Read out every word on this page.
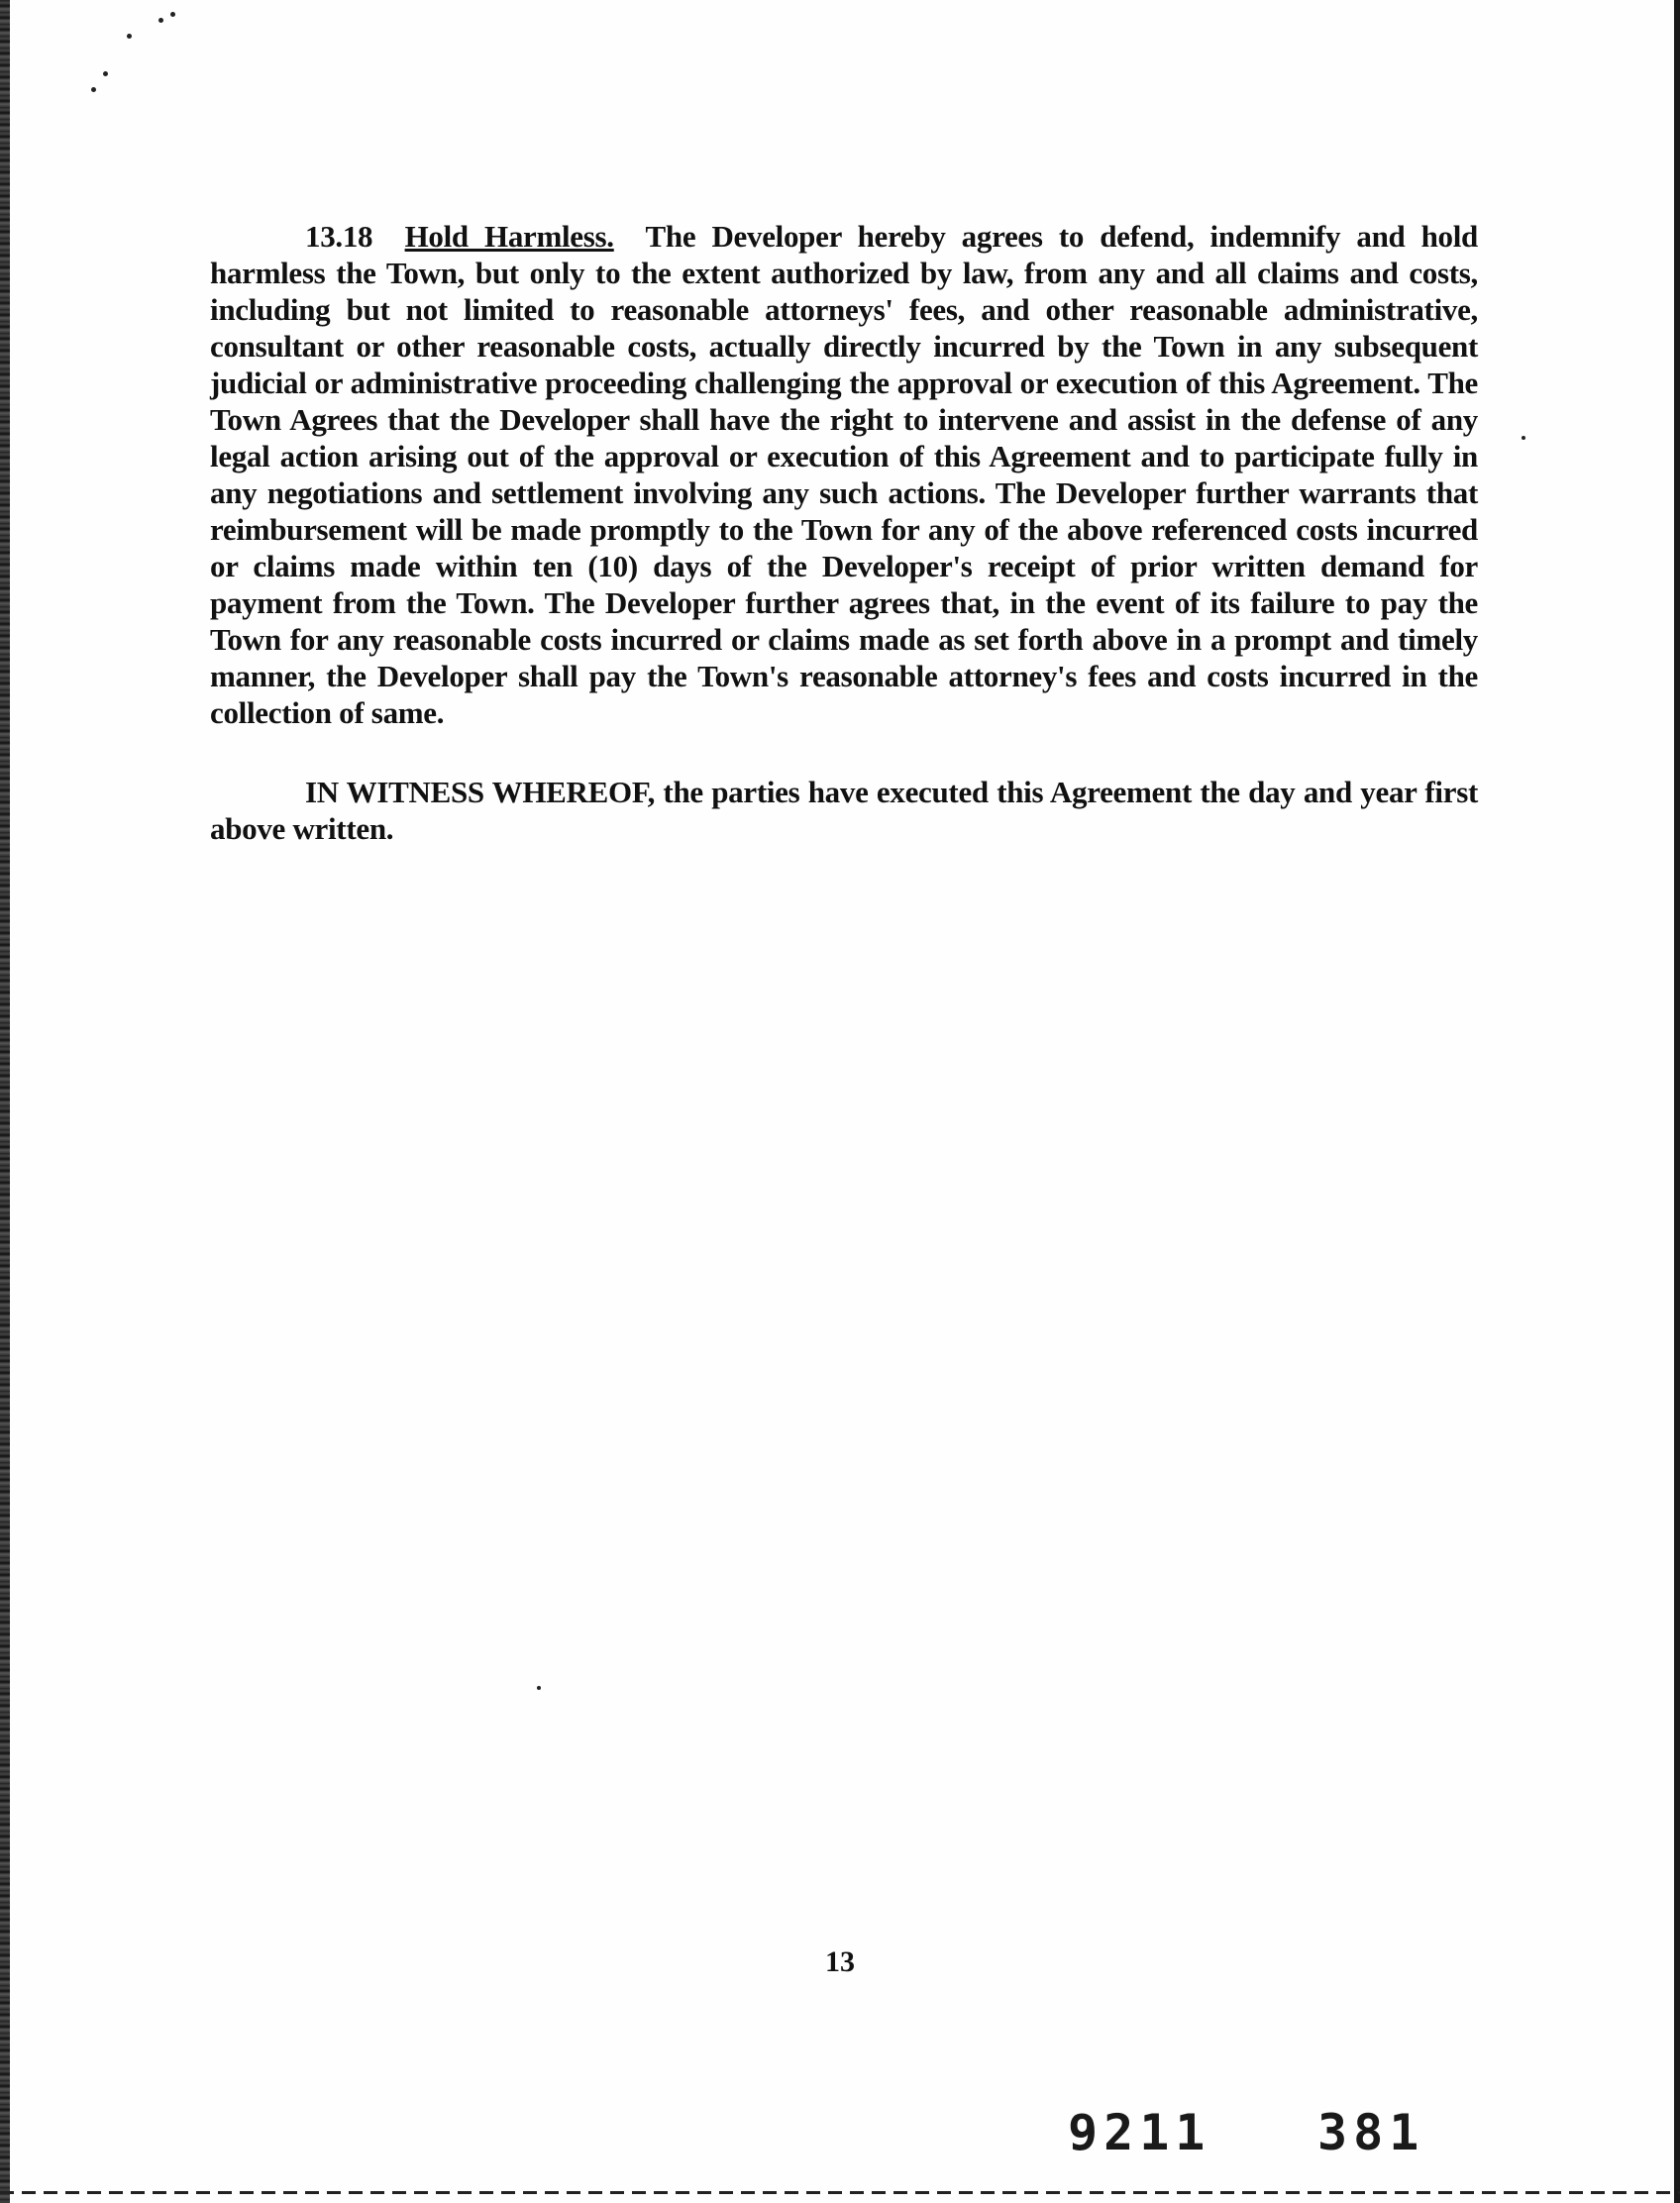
13.18 Hold Harmless. The Developer hereby agrees to defend, indemnify and hold harmless the Town, but only to the extent authorized by law, from any and all claims and costs, including but not limited to reasonable attorneys' fees, and other reasonable administrative, consultant or other reasonable costs, actually directly incurred by the Town in any subsequent judicial or administrative proceeding challenging the approval or execution of this Agreement. The Town Agrees that the Developer shall have the right to intervene and assist in the defense of any legal action arising out of the approval or execution of this Agreement and to participate fully in any negotiations and settlement involving any such actions. The Developer further warrants that reimbursement will be made promptly to the Town for any of the above referenced costs incurred or claims made within ten (10) days of the Developer's receipt of prior written demand for payment from the Town. The Developer further agrees that, in the event of its failure to pay the Town for any reasonable costs incurred or claims made as set forth above in a prompt and timely manner, the Developer shall pay the Town's reasonable attorney's fees and costs incurred in the collection of same.

IN WITNESS WHEREOF, the parties have executed this Agreement the day and year first above written.

13
9211 381
